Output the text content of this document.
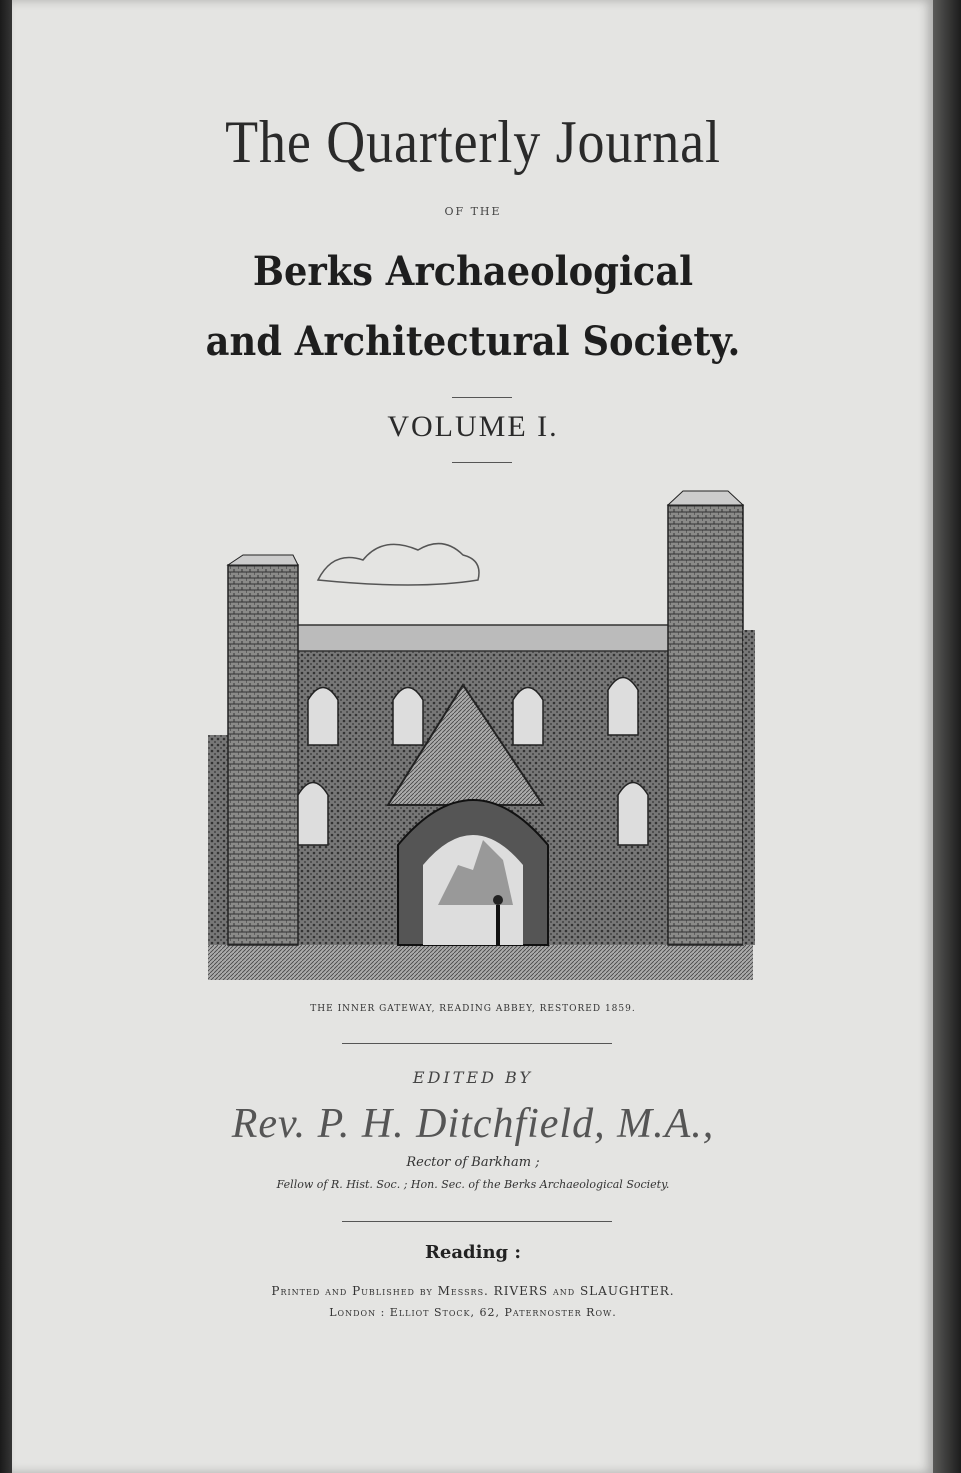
The Quarterly Journal
OF THE
Berks Archaeological
and Architectural Society.
VOLUME I.
THE INNER GATEWAY, READING ABBEY, RESTORED 1859.
EDITED BY
Rev. P. H. Ditchfield, M.A.,
Rector of Barkham ;
Fellow of R. Hist. Soc. ; Hon. Sec. of the Berks Archaeological Society.
Reading :
Printed and Published by Messrs. RIVERS and SLAUGHTER.
London : Elliot Stock, 62, Paternoster Row.
